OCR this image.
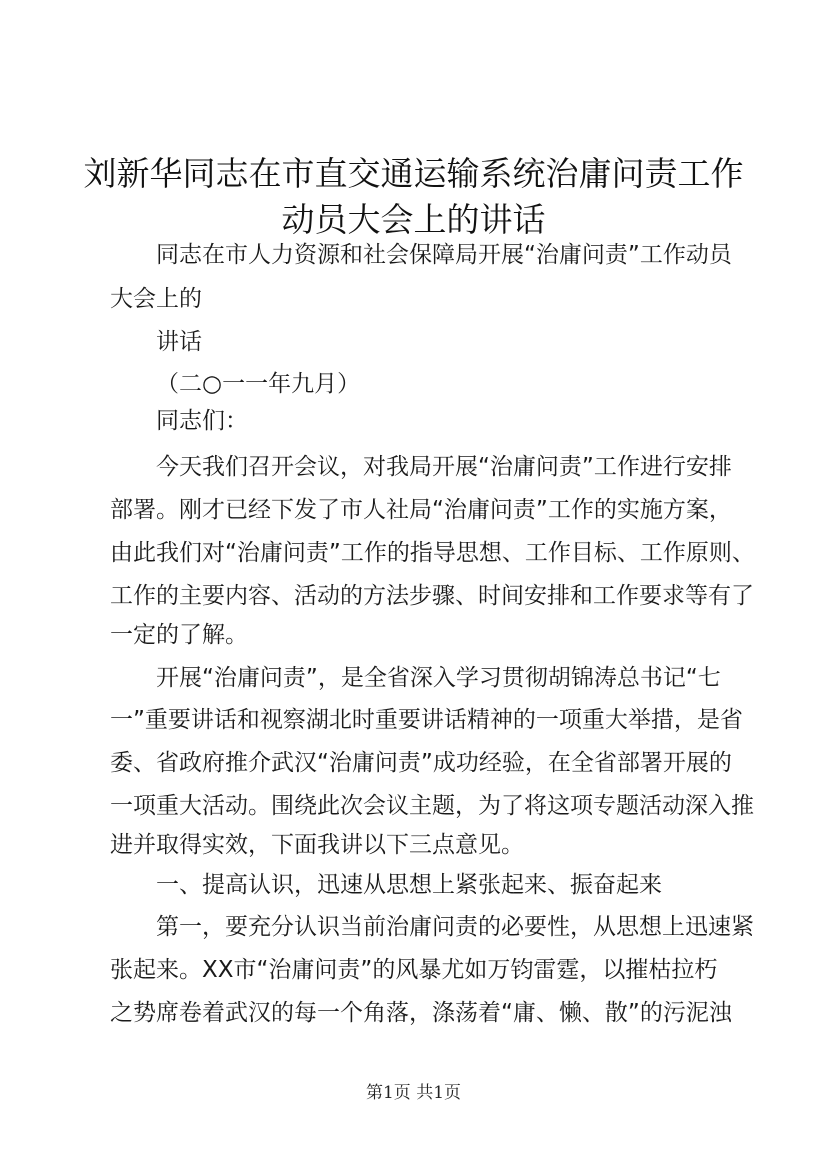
刘新华同志在市直交通运输系统治庸问责工作
动员大会上的讲话
同志在市人力资源和社会保障局开展“治庸问责”工作动员
大会上的
讲话
（二○一一年九月）
同志们：
今天我们召开会议，对我局开展“治庸问责”工作进行安排
部署。刚才已经下发了市人社局“治庸问责”工作的实施方案，
由此我们对“治庸问责”工作的指导思想、工作目标、工作原则、
工作的主要内容、活动的方法步骤、时间安排和工作要求等有了
一定的了解。
开展“治庸问责”，是全省深入学习贯彻胡锦涛总书记“七
一”重要讲话和视察湖北时重要讲话精神的一项重大举措，是省
委、省政府推介武汉“治庸问责”成功经验，在全省部署开展的
一项重大活动。围绕此次会议主题，为了将这项专题活动深入推
进并取得实效，下面我讲以下三点意见。
一、提高认识，迅速从思想上紧张起来、振奋起来
第一，要充分认识当前治庸问责的必要性，从思想上迅速紧
张起来。XX市“治庸问责”的风暴尤如万钧雷霆，以摧枯拉朽
之势席卷着武汉的每一个角落，涤荡着“庸、懒、散”的污泥浊
第1页 共1页
